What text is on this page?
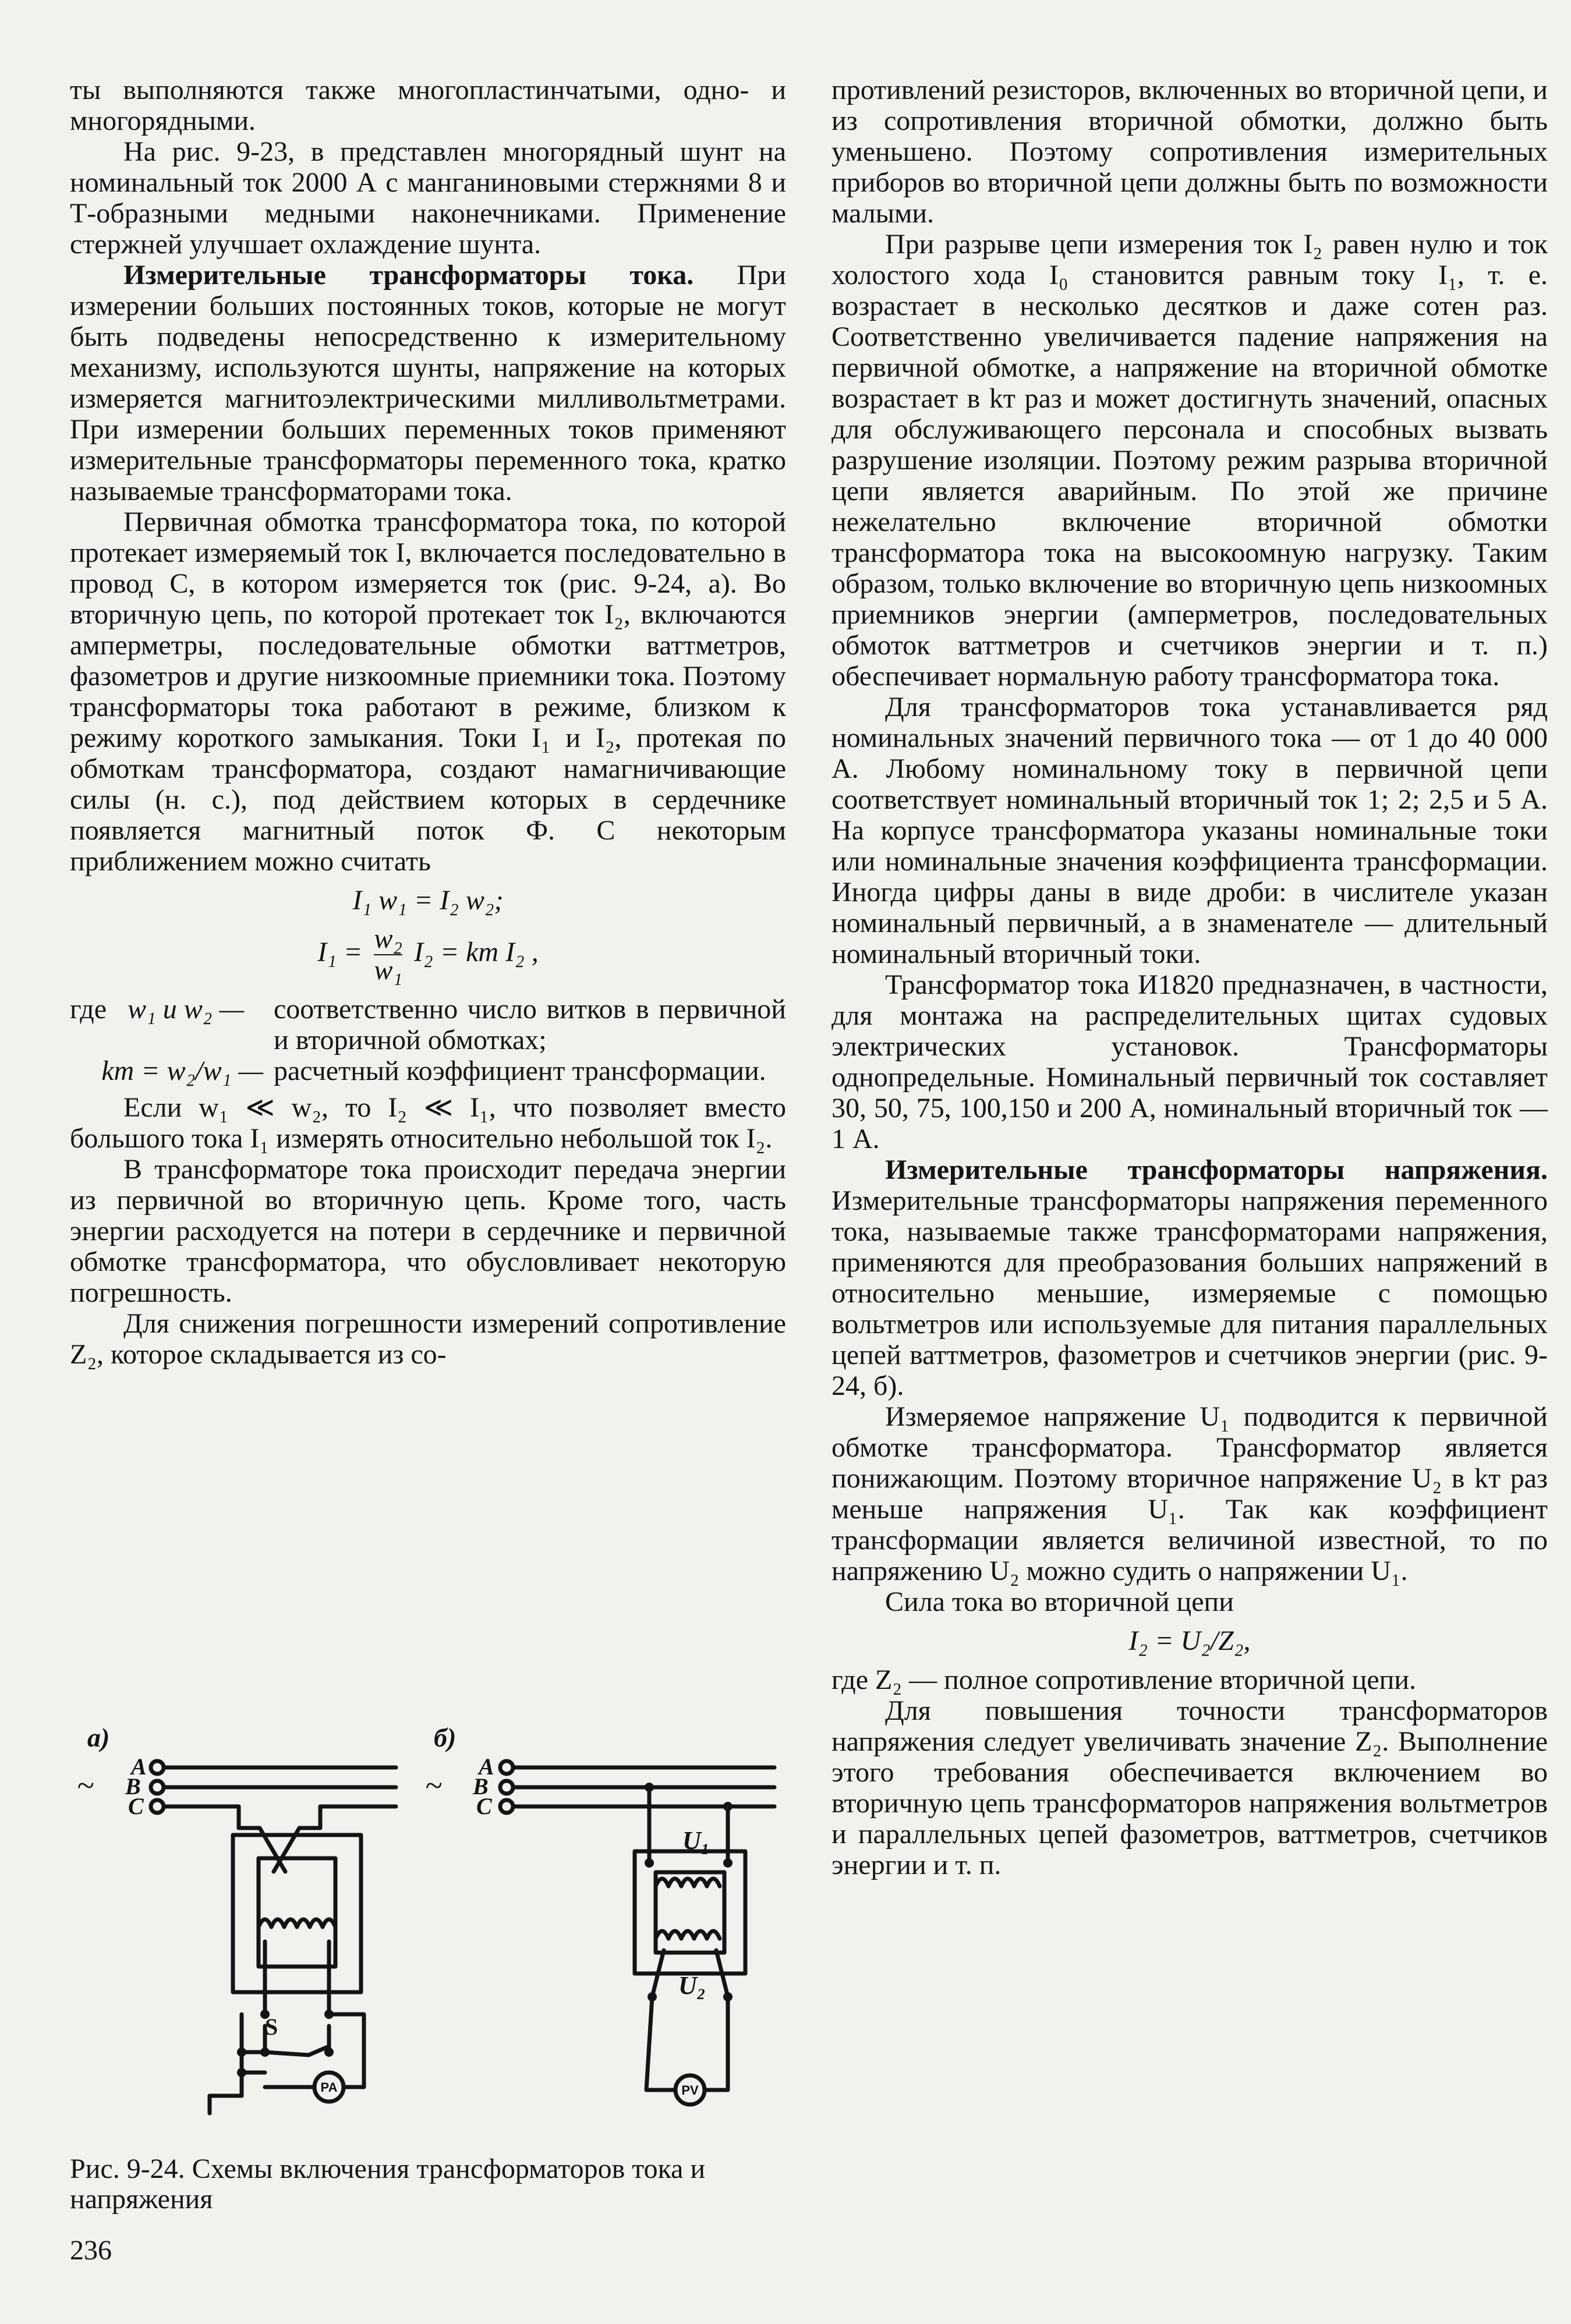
ты выполняются также многопластинчатыми, одно- и многорядными.

На рис. 9-23, в представлен многорядный шунт на номинальный ток 2000 А с манганиновыми стержнями 8 и Т-образными медными наконечниками. Применение стержней улучшает охлаждение шунта.

Измерительные трансформаторы тока. При измерении больших постоянных токов, которые не могут быть подведены непосредственно к измерительному механизму, используются шунты, напряжение на которых измеряется магнитоэлектрическими милливольтметрами. При измерении больших переменных токов применяют измерительные трансформаторы переменного тока, кратко называемые трансформаторами тока.

Первичная обмотка трансформатора тока, по которой протекает измеряемый ток I, включается последовательно в провод С, в котором измеряется ток (рис. 9-24, а). Во вторичную цепь, по которой протекает ток I₂, включаются амперметры, последовательные обмотки ваттметров, фазометров и другие низкоомные приемники тока. Поэтому трансформаторы тока работают в режиме, близком к режиму короткого замыкания. Токи I₁ и I₂, протекая по обмоткам трансформатора, создают намагничивающие силы (н. с.), под действием которых в сердечнике появляется магнитный поток Ф. С некоторым приближением можно считать

I₁ w₁ = I₂ w₂;

$I_1 = \frac{\text{w₂}}{\text{w₁}} I_2$ = kт I₂ ,

где w₁ и w₂ —	соответственно число витков в первичной и вторичной обмотках;
kт = w₂/w₁ — расчетный коэффициент трансформации.

Если w₁ ≪ w₂, то I₂ ≪ I₁, что позволяет вместо большого тока I₁ измерять относительно небольшой ток I₂.

В трансформаторе тока происходит передача энергии из первичной во вторичную цепь. Кроме того, часть энергии расходуется на потери в сердечнике и первичной обмотке трансформатора, что обусловливает некоторую погрешность.

Для снижения погрешности измерений сопротивление Z₂, которое складывается из со-

противлений резисторов, включенных во вторичной цепи, и из сопротивления вторичной обмотки, должно быть уменьшено. Поэтому сопротивления измерительных приборов во вторичной цепи должны быть по возможности малыми.

При разрыве цепи измерения ток I₂ равен нулю и ток холостого хода I₀ становится равным току I₁, т. е. возрастает в несколько десятков и даже сотен раз. Соответственно увеличивается падение напряжения на первичной обмотке, а напряжение на вторичной обмотке возрастает в kт раз и может достигнуть значений, опасных для обслуживающего персонала и способных вызвать разрушение изоляции. Поэтому режим разрыва вторичной цепи является аварийным. По этой же причине нежелательно включение вторичной обмотки трансформатора тока на высокоомную нагрузку. Таким образом, только включение во вторичную цепь низкоомных приемников энергии (амперметров, последовательных обмоток ваттметров и счетчиков энергии и т. п.) обеспечивает нормальную работу трансформатора тока.

Для трансформаторов тока устанавливается ряд номинальных значений первичного тока — от 1 до 40 000 А. Любому номинальному току в первичной цепи соответствует номинальный вторичный ток 1; 2; 2,5 и 5 А. На корпусе трансформатора указаны номинальные токи или номинальные значения коэффициента трансформации. Иногда цифры даны в виде дроби: в числителе указан номинальный первичный, а в знаменателе — длительный номинальный вторичный токи.

Трансформатор тока И1820 предназначен, в частности, для монтажа на распределительных щитах судовых электрических установок. Трансформаторы однопредельные. Номинальный первичный ток составляет 30, 50, 75, 100,150 и 200 А, номинальный вторичный ток — 1 А.

Измерительные трансформаторы напряжения. Измерительные трансформаторы напряжения переменного тока, называемые также трансформаторами напряжения, применяются для преобразования больших напряжений в относительно меньшие, измеряемые с помощью вольтметров или используемые для питания параллельных цепей ваттметров, фазометров и счетчиков энергии (рис. 9-24, б).

Измеряемое напряжение U₁ подводится к первичной обмотке трансформатора. Трансформатор является понижающим. Поэтому вторичное напряжение U₂ в kт раз меньше напряжения U₁. Так как коэффициент трансформации является величиной известной, то по напряжению U₂ можно судить о напряжении U₁.

Сила тока во вторичной цепи

I₂ = U₂/Z₂,

где Z₂ — полное сопротивление вторичной цепи.

Для повышения точности трансформаторов напряжения следует увеличивать значение Z₂. Выполнение этого требования обеспечивается включением во вторичную цепь трансформаторов напряжения вольтметров и параллельных цепей фазометров, ваттметров, счетчиков энергии и т. п.

а)
А
В
С
~
S
б)
А
В
С
~
U₁
U₂
PA	PV
Рис. 9-24. Схемы включения трансформаторов тока и напряжения
236
